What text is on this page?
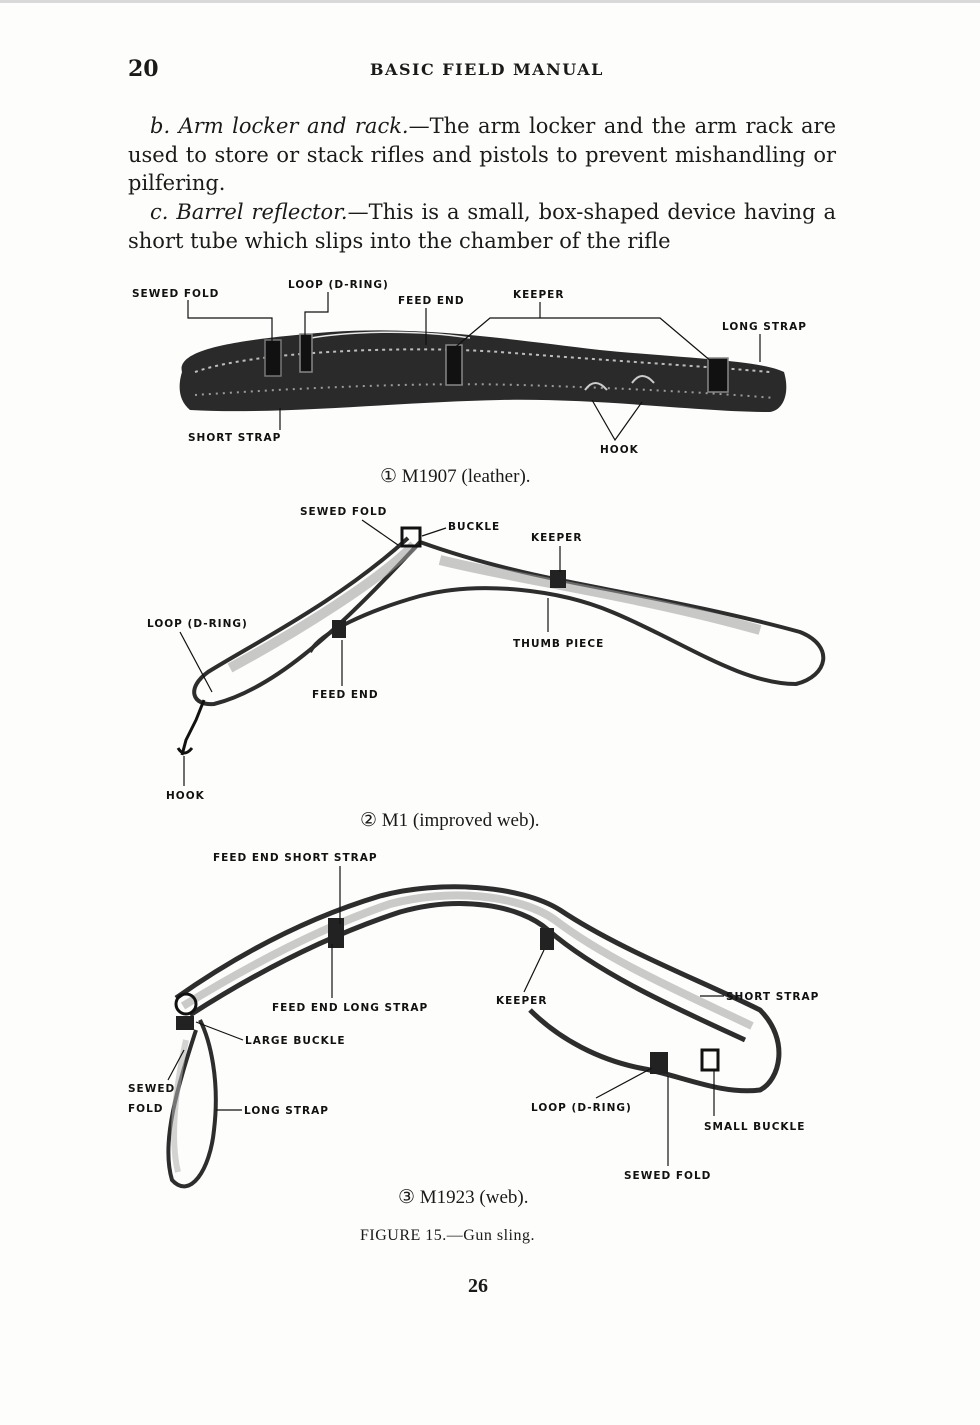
20	BASIC FIELD MANUAL

b. Arm locker and rack.—The arm locker and the arm rack are used to store or stack rifles and pistols to prevent mishandling or pilfering.

c. Barrel reflector.—This is a small, box-shaped device having a short tube which slips into the chamber of the rifle

SEWED FOLD
LOOP (D-RING)
FEED END	KEEPER
LONG STRAP
SHORT STRAP
HOOK
① M1907 (leather).
SEWED FOLD
BUCKLE
KEEPER
LOOP (D-RING)
THUMB PIECE
FEED END
HOOK
② M1 (improved web).
FEED END SHORT STRAP
FEED END LONG STRAP
KEEPER	SHORT STRAP
LARGE BUCKLE
SEWED
FOLD	LONG STRAP	LOOP (D-RING)
SMALL BUCKLE
SEWED FOLD
③ M1923 (web).
FIGURE 15.—Gun sling.
26
